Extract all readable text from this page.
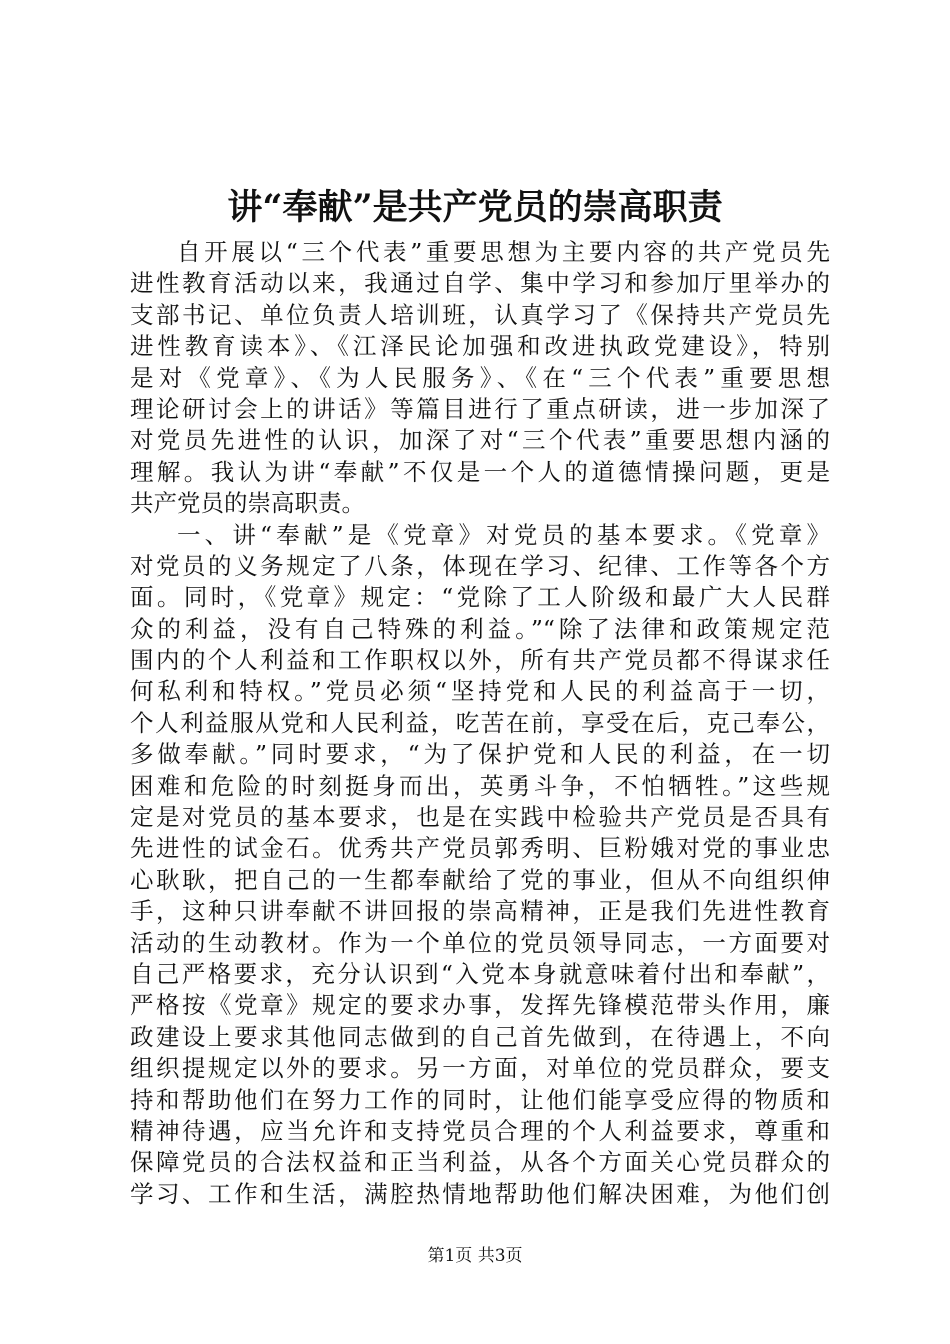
讲“奉献”是共产党员的崇高职责
自开展以“三个代表”重要思想为主要内容的共产党员先
进性教育活动以来，我通过自学、集中学习和参加厅里举办的
支部书记、单位负责人培训班，认真学习了《保持共产党员先
进性教育读本》、《江泽民论加强和改进执政党建设》，特别
是对《党章》、《为人民服务》、《在“三个代表”重要思想
理论研讨会上的讲话》等篇目进行了重点研读，进一步加深了
对党员先进性的认识，加深了对“三个代表”重要思想内涵的
理解。我认为讲“奉献”不仅是一个人的道德情操问题，更是
共产党员的崇高职责。
一、讲“奉献”是《党章》对党员的基本要求。《党章》
对党员的义务规定了八条，体现在学习、纪律、工作等各个方
面。同时，《党章》规定：“党除了工人阶级和最广大人民群
众的利益，没有自己特殊的利益。”“除了法律和政策规定范
围内的个人利益和工作职权以外，所有共产党员都不得谋求任
何私利和特权。”党员必须“坚持党和人民的利益高于一切，
个人利益服从党和人民利益，吃苦在前，享受在后，克己奉公，
多做奉献。”同时要求，“为了保护党和人民的利益，在一切
困难和危险的时刻挺身而出，英勇斗争，不怕牺牲。”这些规
定是对党员的基本要求，也是在实践中检验共产党员是否具有
先进性的试金石。优秀共产党员郭秀明、巨粉娥对党的事业忠
心耿耿，把自己的一生都奉献给了党的事业，但从不向组织伸
手，这种只讲奉献不讲回报的崇高精神，正是我们先进性教育
活动的生动教材。作为一个单位的党员领导同志，一方面要对
自己严格要求，充分认识到“入党本身就意味着付出和奉献”，
严格按《党章》规定的要求办事，发挥先锋模范带头作用，廉
政建设上要求其他同志做到的自己首先做到，在待遇上，不向
组织提规定以外的要求。另一方面，对单位的党员群众，要支
持和帮助他们在努力工作的同时，让他们能享受应得的物质和
精神待遇，应当允许和支持党员合理的个人利益要求，尊重和
保障党员的合法权益和正当利益，从各个方面关心党员群众的
学习、工作和生活，满腔热情地帮助他们解决困难，为他们创
第1页 共3页
